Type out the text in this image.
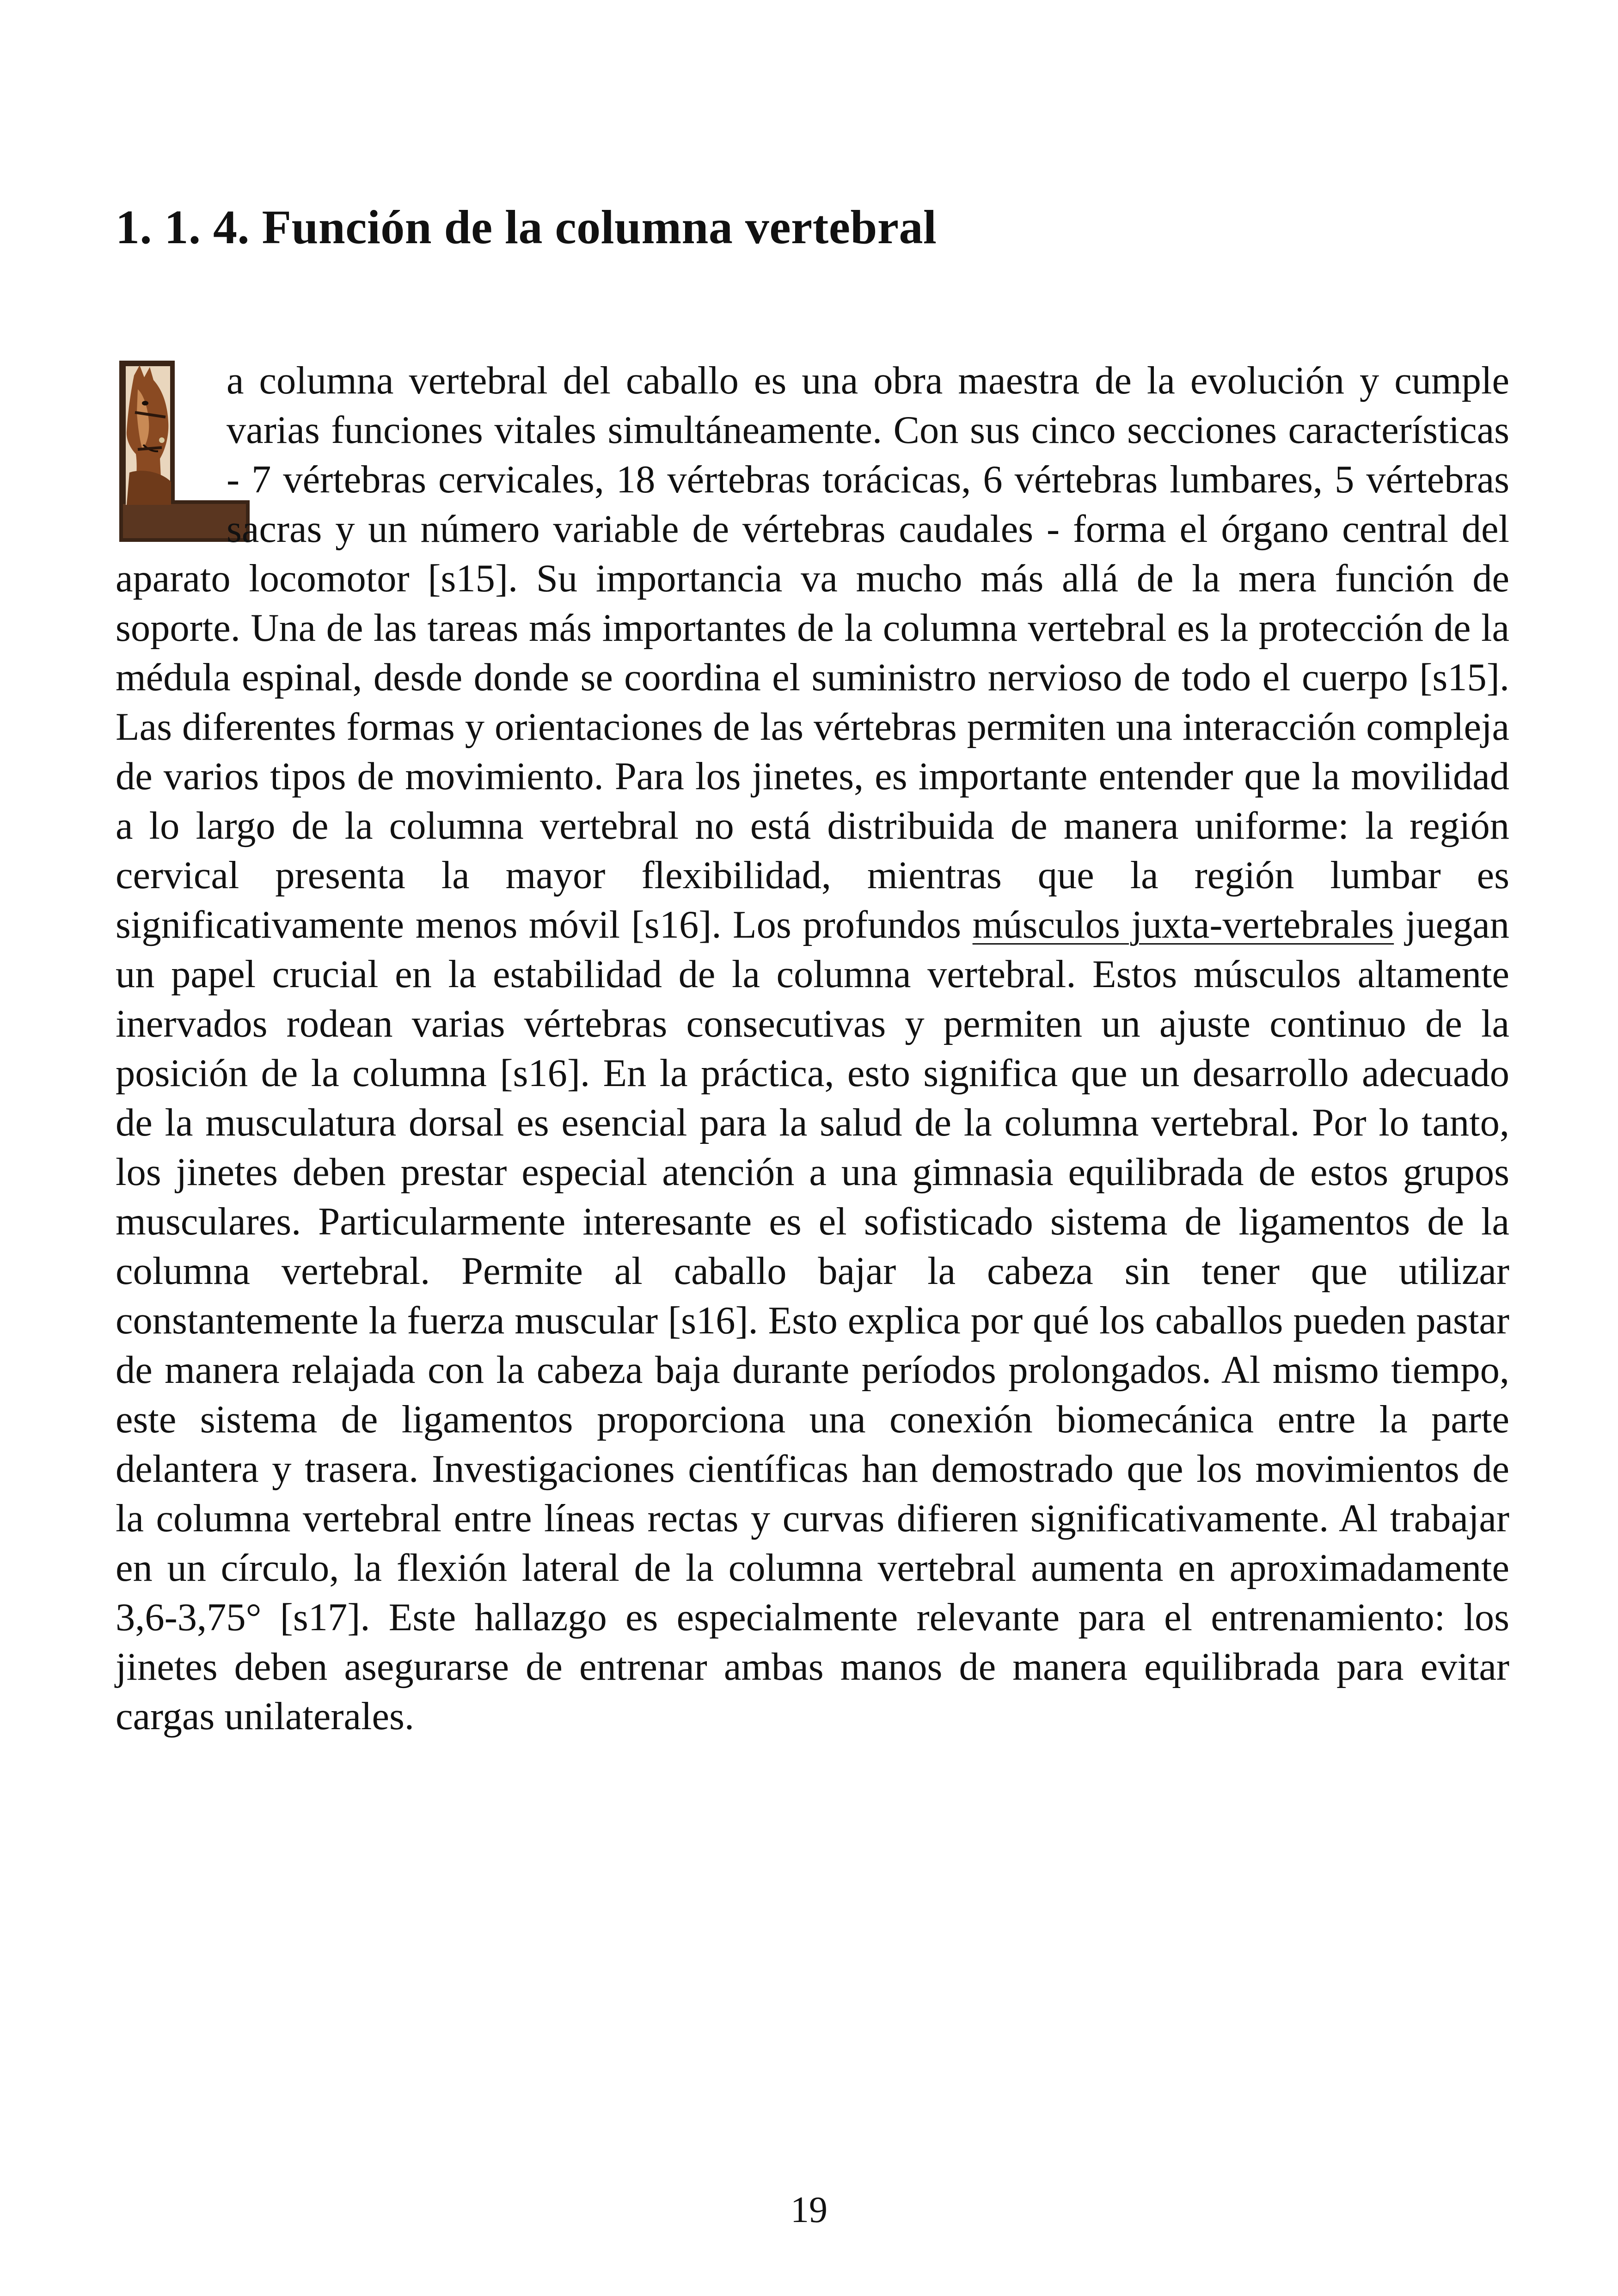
1. 1. 4. Función de la columna vertebral

a columna vertebral del caballo es una obra maestra de la evolución y cumple varias funciones vitales simultáneamente. Con sus cinco secciones características - 7 vértebras cervicales, 18 vértebras torácicas, 6 vértebras lumbares, 5 vértebras sacras y un número variable de vértebras caudales - forma el órgano central del aparato locomotor [s15]. Su importancia va mucho más allá de la mera función de soporte. Una de las tareas más importantes de la columna vertebral es la protección de la médula espinal, desde donde se coordina el suministro nervioso de todo el cuerpo [s15]. Las diferentes formas y orientaciones de las vértebras permiten una interacción compleja de varios tipos de movimiento. Para los jinetes, es importante entender que la movilidad a lo largo de la columna vertebral no está distribuida de manera uniforme: la región cervical presenta la mayor flexibilidad, mientras que la región lumbar es significativamente menos móvil [s16]. Los profundos músculos juxta-vertebrales juegan un papel crucial en la estabilidad de la columna vertebral. Estos músculos altamente inervados rodean varias vértebras consecutivas y permiten un ajuste continuo de la posición de la columna [s16]. En la práctica, esto significa que un desarrollo adecuado de la musculatura dorsal es esencial para la salud de la columna vertebral. Por lo tanto, los jinetes deben prestar especial atención a una gimnasia equilibrada de estos grupos musculares. Particularmente interesante es el sofisticado sistema de ligamentos de la columna vertebral. Permite al caballo bajar la cabeza sin tener que utilizar constantemente la fuerza muscular [s16]. Esto explica por qué los caballos pueden pastar de manera relajada con la cabeza baja durante períodos prolongados. Al mismo tiempo, este sistema de ligamentos proporciona una conexión biomecánica entre la parte delantera y trasera. Investigaciones científicas han demostrado que los movimientos de la columna vertebral entre líneas rectas y curvas difieren significativamente. Al trabajar en un círculo, la flexión lateral de la columna vertebral aumenta en aproximadamente 3,6-3,75° [s17]. Este hallazgo es especialmente relevante para el entrenamiento: los jinetes deben asegurarse de entrenar ambas manos de manera equilibrada para evitar cargas unilaterales.

19
